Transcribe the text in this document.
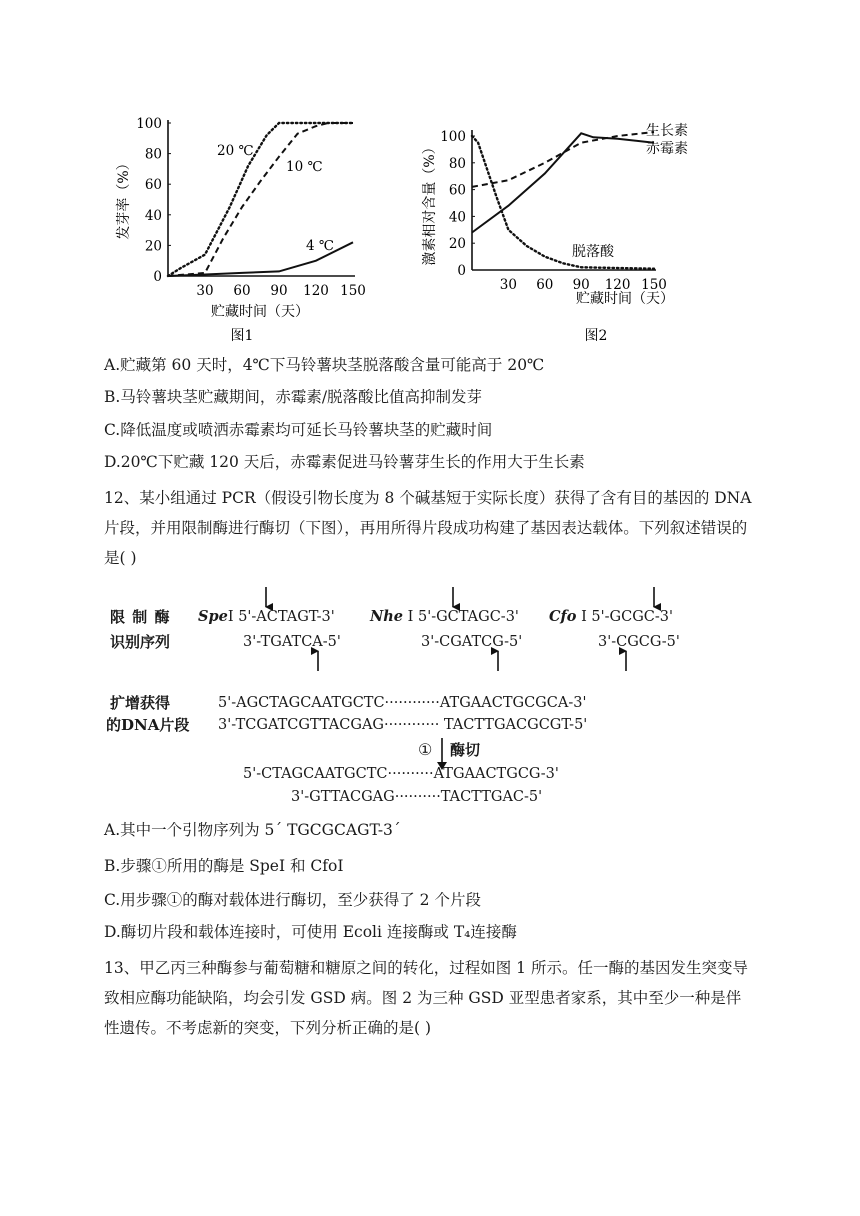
0
20
40
60
80
100
30 60 90 120 150
发芽率（%）
贮藏时间（天）
图1
20 ℃
10 ℃
4 ℃
0
20
40
60
80
100
30 60 90 120 150
激素相对含量（%）
贮藏时间（天）
图2
生长素
赤霉素
脱落酸
A.贮藏第 60 天时，4℃下马铃薯块茎脱落酸含量可能高于 20℃
B.马铃薯块茎贮藏期间，赤霉素/脱落酸比值高抑制发芽
C.降低温度或喷洒赤霉素均可延长马铃薯块茎的贮藏时间
D.20℃下贮藏 120 天后，赤霉素促进马铃薯芽生长的作用大于生长素
12、某小组通过 PCR（假设引物长度为 8 个碱基短于实际长度）获得了含有目的基因的 DNA 片段，并用限制酶进行酶切（下图），再用所得片段成功构建了基因表达载体。下列叙述错误的是( )
限 制 酶
识别序列
SpeⅠ 5'-ACTAGT-3'
3'-TGATCA-5'
Nhe Ⅰ 5'-GCTAGC-3'
3'-CGATCG-5'
Cfo Ⅰ 5'-GCGC-3'
3'-CGCG-5'
扩增获得
的DNA片段
5'-AGCTAGCAATGCTC············ATGAACTGCGCA-3'
3'-TCGATCGTTACGAG············ TACTTGACGCGT-5'
① 酶切
5'-CTAGCAATGCTC··········ATGAACTGCG-3'
3'-GTTACGAG··········TACTTGAC-5'
A.其中一个引物序列为 5´ TGCGCAGT-3´
B.步骤①所用的酶是 SpeI 和 CfoI
C.用步骤①的酶对载体进行酶切，至少获得了 2 个片段
D.酶切片段和载体连接时，可使用 Ecoli 连接酶或 T₄连接酶
13、甲乙丙三种酶参与葡萄糖和糖原之间的转化，过程如图 1 所示。任一酶的基因发生突变导致相应酶功能缺陷，均会引发 GSD 病。图 2 为三种 GSD 亚型患者家系，其中至少一种是伴性遗传。不考虑新的突变，下列分析正确的是( )
